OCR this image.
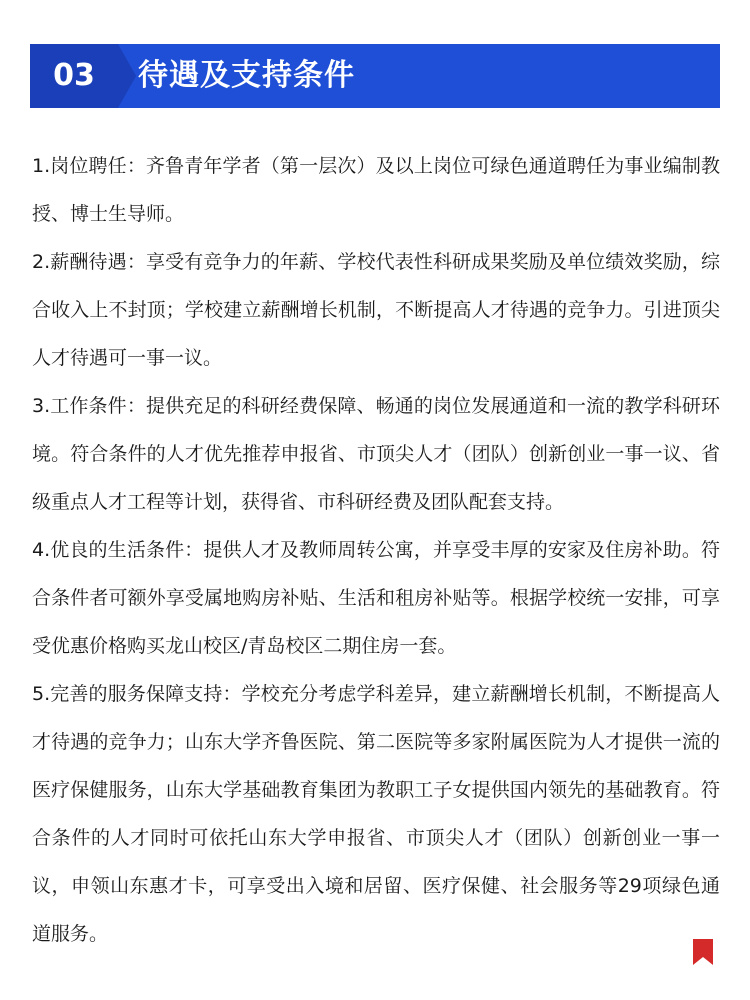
03	待遇及支持条件

1.岗位聘任：齐鲁青年学者（第一层次）及以上岗位可绿色通道聘任为事业编制教授、博士生导师。

2.薪酬待遇：享受有竞争力的年薪、学校代表性科研成果奖励及单位绩效奖励，综合收入上不封顶；学校建立薪酬增长机制，不断提高人才待遇的竞争力。引进顶尖人才待遇可一事一议。

3.工作条件：提供充足的科研经费保障、畅通的岗位发展通道和一流的教学科研环境。符合条件的人才优先推荐申报省、市顶尖人才（团队）创新创业一事一议、省级重点人才工程等计划，获得省、市科研经费及团队配套支持。

4.优良的生活条件：提供人才及教师周转公寓，并享受丰厚的安家及住房补助。符合条件者可额外享受属地购房补贴、生活和租房补贴等。根据学校统一安排，可享受优惠价格购买龙山校区/青岛校区二期住房一套。

5.完善的服务保障支持：学校充分考虑学科差异，建立薪酬增长机制，不断提高人才待遇的竞争力；山东大学齐鲁医院、第二医院等多家附属医院为人才提供一流的医疗保健服务，山东大学基础教育集团为教职工子女提供国内领先的基础教育。符合条件的人才同时可依托山东大学申报省、市顶尖人才（团队）创新创业一事一议，申领山东惠才卡，可享受出入境和居留、医疗保健、社会服务等29项绿色通道服务。
